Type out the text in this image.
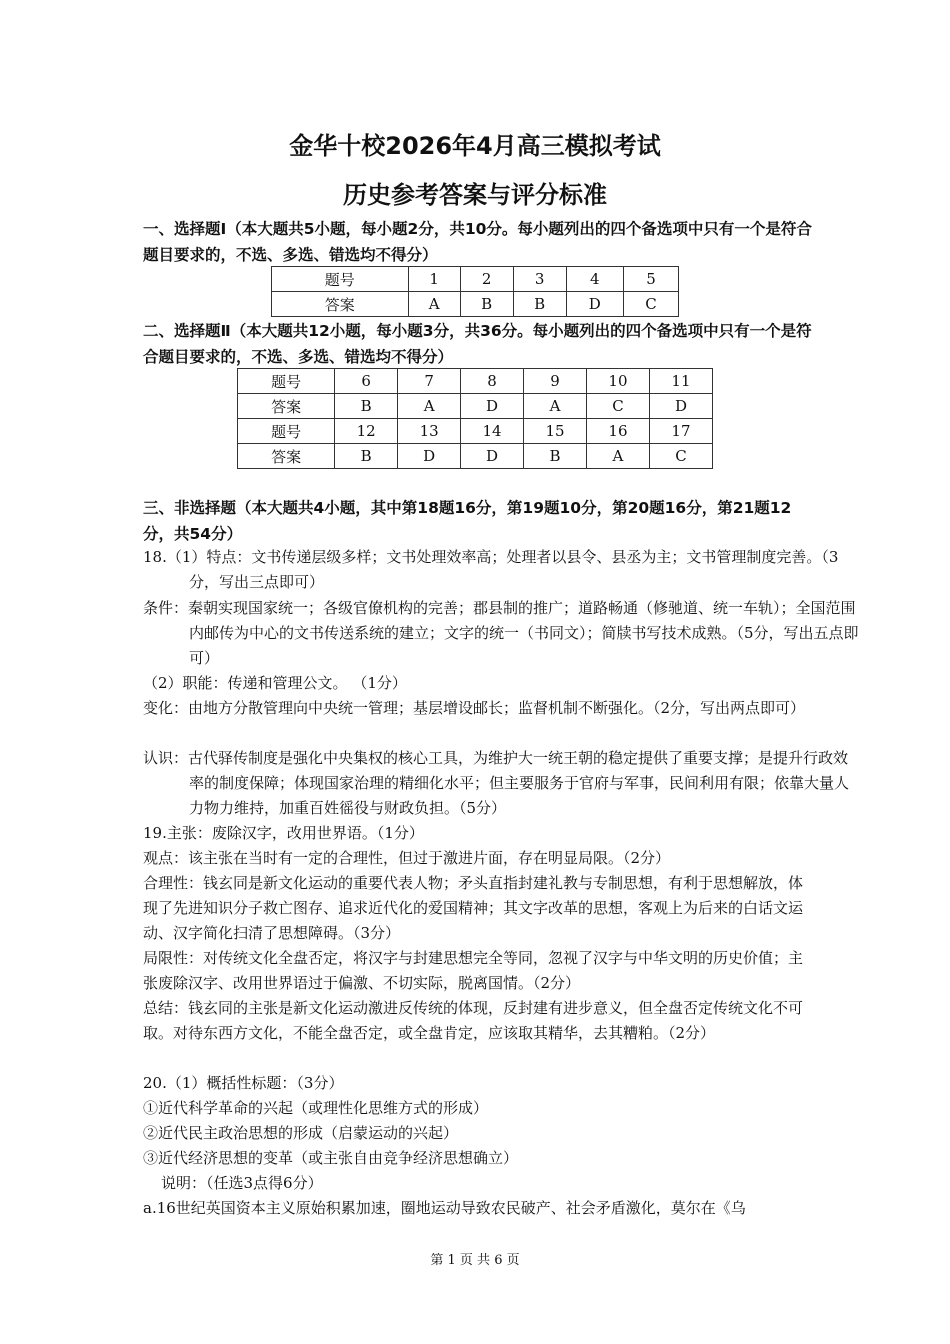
金华十校2026年4月高三模拟考试
历史参考答案与评分标准
一、选择题Ⅰ（本大题共5小题，每小题2分，共10分。每小题列出的四个备选项中只有一个是符合题目要求的，不选、多选、错选均不得分）
题号	1	2	3	4	5
答案	A	B	B	D	C
二、选择题Ⅱ（本大题共12小题，每小题3分，共36分。每小题列出的四个备选项中只有一个是符合题目要求的，不选、多选、错选均不得分）
题号	6	7	8	9	10	11
答案	B	A	D	A	C	D
题号	12	13	14	15	16	17
答案	B	D	D	B	A	C
三、非选择题（本大题共4小题，其中第18题16分，第19题10分，第20题16分，第21题12分，共54分）
18.（1）特点：文书传递层级多样；文书处理效率高；处理者以县令、县丞为主；文书管理制度完善。（3分，写出三点即可）
条件：秦朝实现国家统一；各级官僚机构的完善；郡县制的推广；道路畅通（修驰道、统一车轨）；全国范围内邮传为中心的文书传送系统的建立；文字的统一（书同文）；简牍书写技术成熟。（5分，写出五点即可）
（2）职能：传递和管理公文。 （1分）
变化：由地方分散管理向中央统一管理；基层增设邮长；监督机制不断强化。（2分，写出两点即可）
认识：古代驿传制度是强化中央集权的核心工具，为维护大一统王朝的稳定提供了重要支撑；是提升行政效率的制度保障；体现国家治理的精细化水平；但主要服务于官府与军事，民间利用有限；依靠大量人力物力维持，加重百姓徭役与财政负担。（5分）
19.主张：废除汉字，改用世界语。（1分）
观点：该主张在当时有一定的合理性，但过于激进片面，存在明显局限。（2分）
合理性：钱玄同是新文化运动的重要代表人物；矛头直指封建礼教与专制思想，有利于思想解放，体现了先进知识分子救亡图存、追求近代化的爱国精神；其文字改革的思想，客观上为后来的白话文运动、汉字简化扫清了思想障碍。（3分）
局限性：对传统文化全盘否定，将汉字与封建思想完全等同，忽视了汉字与中华文明的历史价值；主张废除汉字、改用世界语过于偏激、不切实际，脱离国情。（2分）
总结：钱玄同的主张是新文化运动激进反传统的体现，反封建有进步意义，但全盘否定传统文化不可取。对待东西方文化，不能全盘否定，或全盘肯定，应该取其精华，去其糟粕。（2分）
20.（1）概括性标题：（3分）
①近代科学革命的兴起（或理性化思维方式的形成）
②近代民主政治思想的形成（启蒙运动的兴起）
③近代经济思想的变革（或主张自由竞争经济思想确立）
说明：（任选3点得6分）
a.16世纪英国资本主义原始积累加速，圈地运动导致农民破产、社会矛盾激化，莫尔在《乌
第 1 页 共 6 页
